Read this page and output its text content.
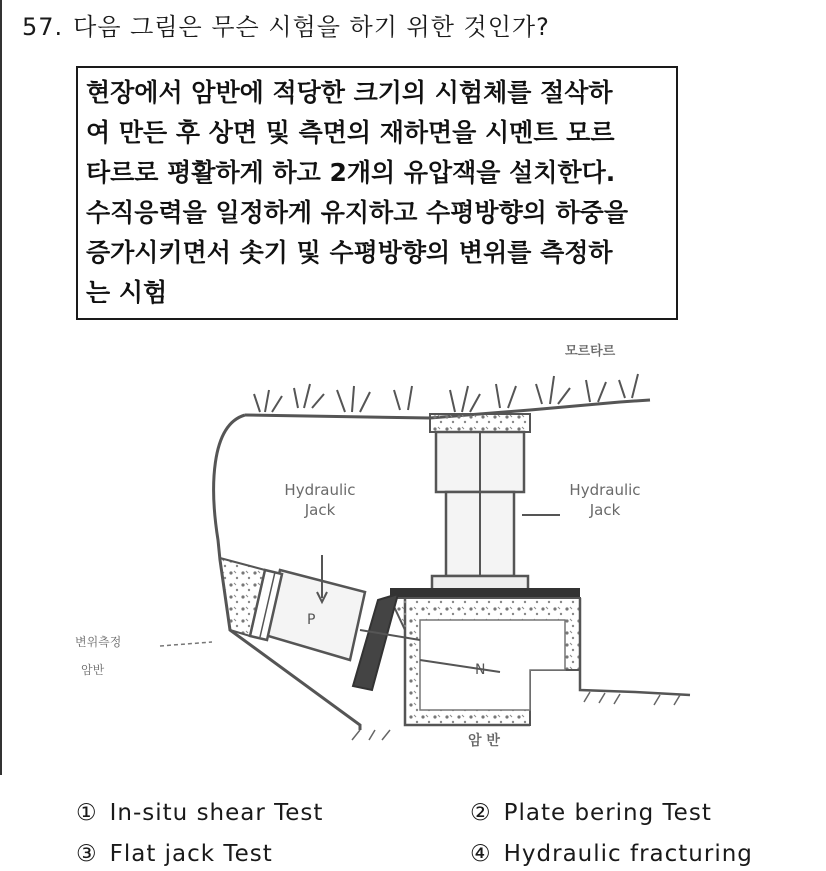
57. 다음 그림은 무슨 시험을 하기 위한 것인가?
현장에서 암반에 적당한 크기의 시험체를 절삭하
여 만든 후 상면 및 측면의 재하면을 시멘트 모르
타르로 평활하게 하고 2개의 유압잭을 설치한다.
수직응력을 일정하게 유지하고 수평방향의 하중을
증가시키면서 솟기 및 수평방향의 변위를 측정하
는 시험
모르타르
Hydraulic
Jack
Hydraulic
Jack
변위측정
암반
P
N
암 반
① In-situ shear Test	② Plate bering Test
③ Flat jack Test	④ Hydraulic fracturing
